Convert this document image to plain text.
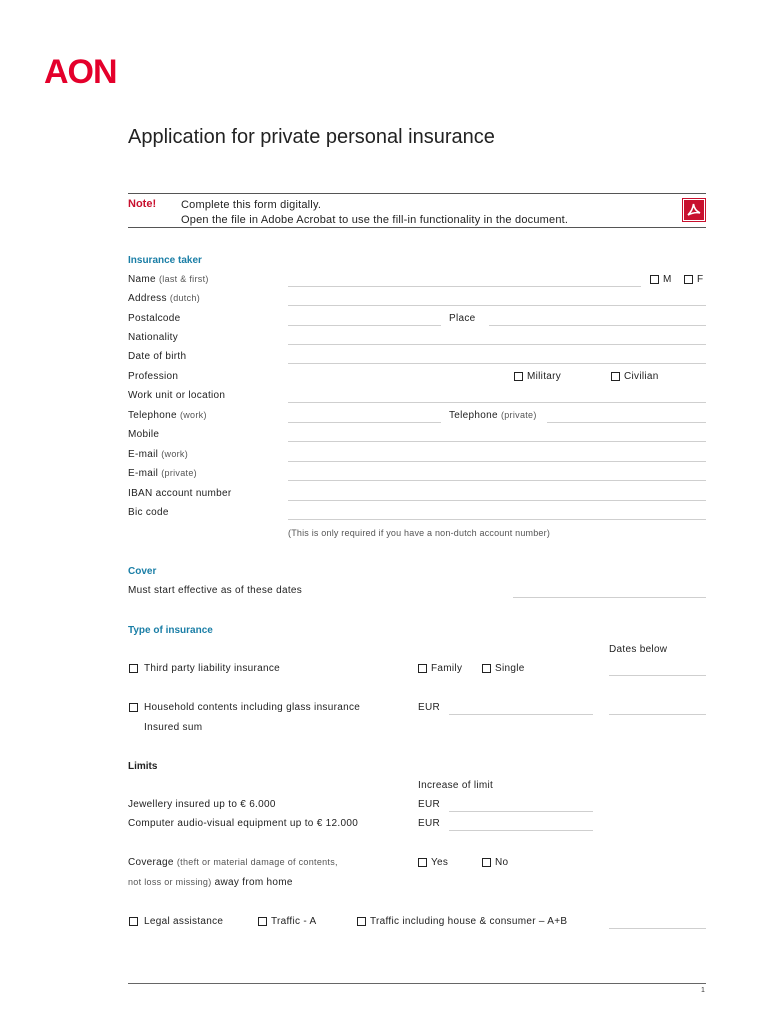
AON
Application for private personal insurance
Note! Complete this form digitally.
Open the file in Adobe Acrobat to use the fill-in functionality in the document.
Insurance taker
Name (last & first)	M	F
Address (dutch)
Postalcode	Place
Nationality
Date of birth
Profession	Military	Civilian
Work unit or location
Telephone (work)	Telephone (private)
Mobile
E-mail (work)
E-mail (private)
IBAN account number
Bic code
(This is only required if you have a non-dutch account number)
Cover
Must start effective as of these dates
Type of insurance
Dates below
Third party liability insurance	Family	Single
Household contents including glass insurance	EUR
Insured sum
Limits
Increase of limit
Jewellery insured up to € 6.000	EUR
Computer audio-visual equipment up to € 12.000	EUR
Coverage (theft or material damage of contents,	Yes	No
not loss or missing) away from home
Legal assistance	Traffic - A	Traffic including house & consumer – A+B
1
